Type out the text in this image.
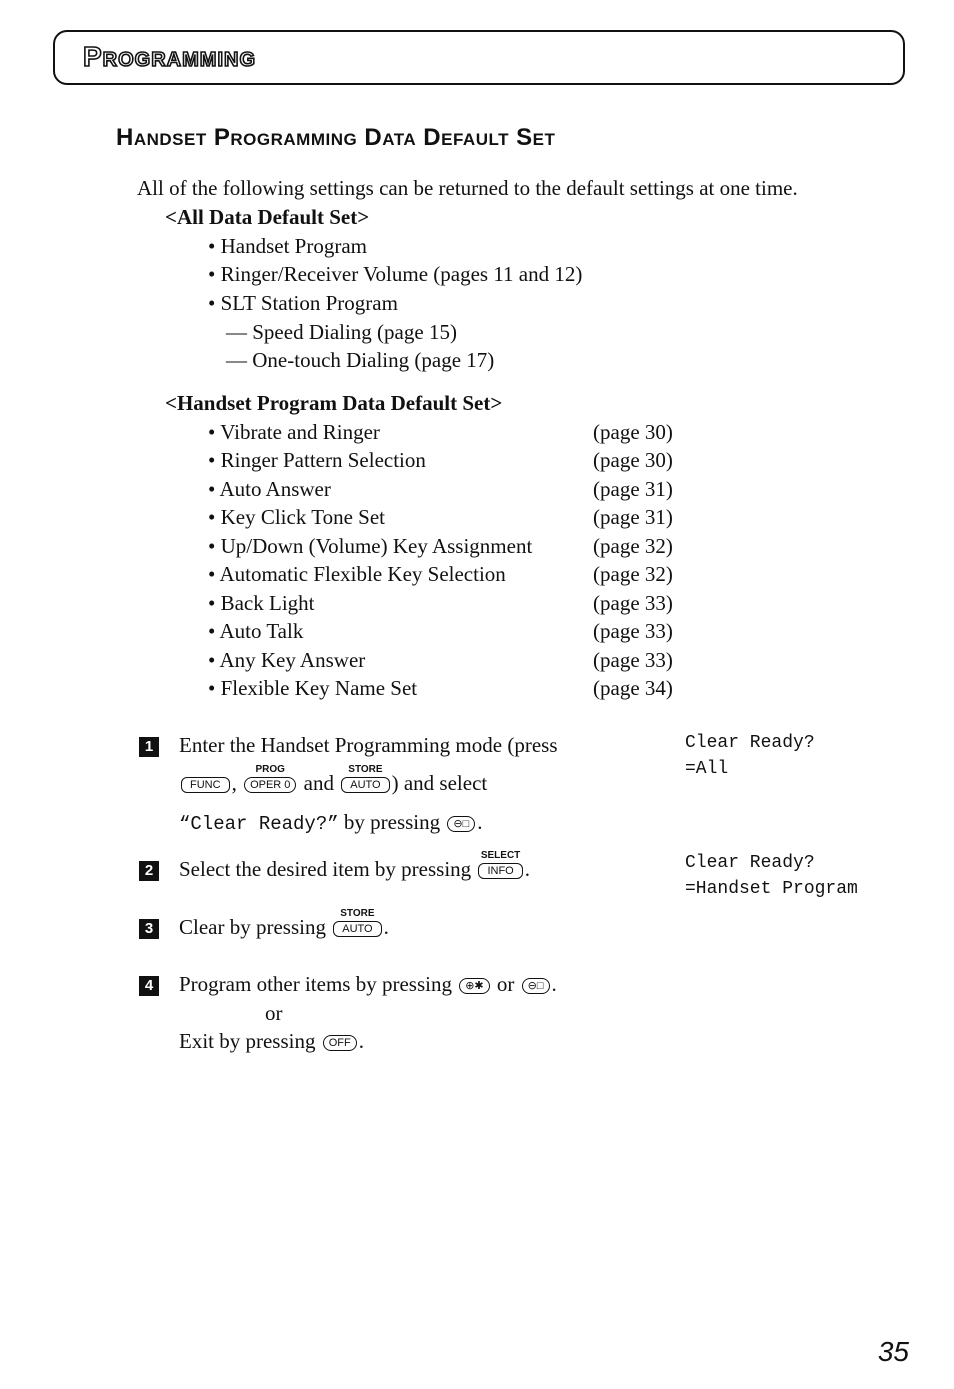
Programming
Handset Programming Data Default Set
All of the following settings can be returned to the default settings at one time.
<All Data Default Set>
• Handset Program
• Ringer/Receiver Volume (pages 11 and 12)
• SLT Station Program
— Speed Dialing (page 15)
— One-touch Dialing (page 17)
<Handset Program Data Default Set>
• Vibrate and Ringer	(page 30)
• Ringer Pattern Selection	(page 30)
• Auto Answer	(page 31)
• Key Click Tone Set	(page 31)
• Up/Down (Volume) Key Assignment	(page 32)
• Automatic Flexible Key Selection	(page 32)
• Back Light	(page 33)
• Auto Talk	(page 33)
• Any Key Answer	(page 33)
• Flexible Key Name Set	(page 34)
1 Enter the Handset Programming mode (press
FUNC ,
PROG
OPER 0 and
STORE
AUTO ) and select
“Clear Ready?” by pressing ⊖□ .
Clear Ready?
=All
2 Select the desired item by pressing
SELECT
INFO .	Clear Ready?
=Handset Program
3 Clear by pressing
STORE
AUTO .
4 Program other items by pressing ⊕✱ or ⊖□ .
or
Exit by pressing OFF .
35
